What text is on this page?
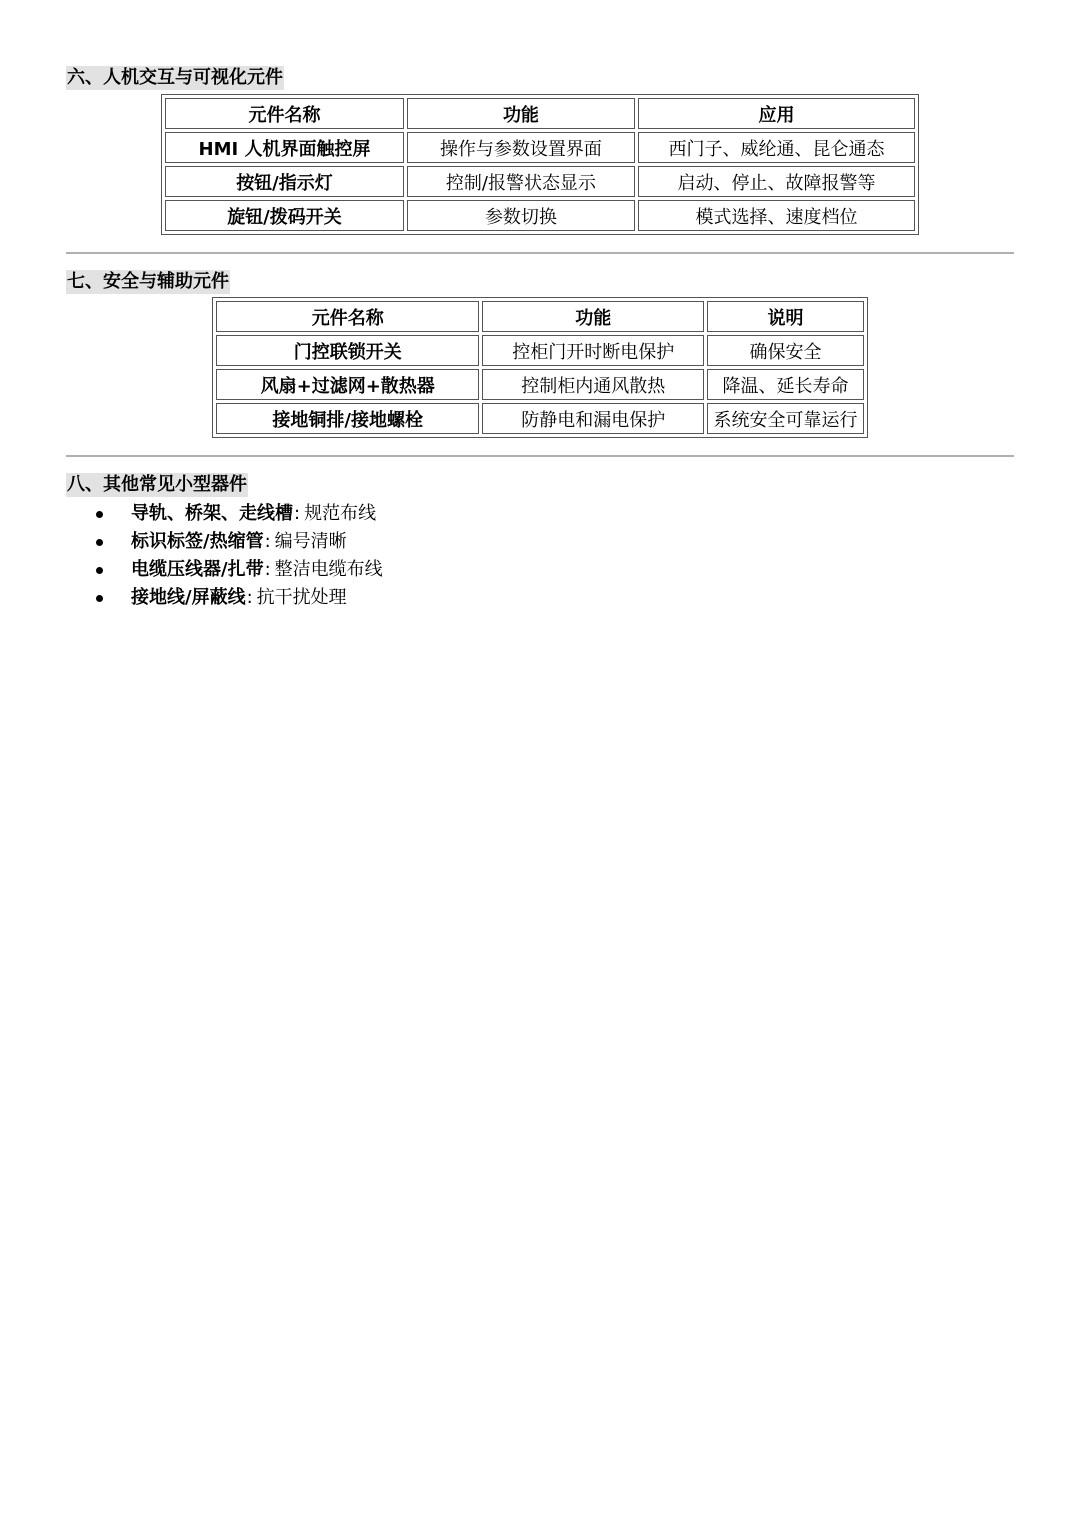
六、人机交互与可视化元件
元件名称	功能	应用
HMI 人机界面触控屏	操作与参数设置界面	西门子、威纶通、昆仑通态
按钮/指示灯	控制/报警状态显示	启动、停止、故障报警等
旋钮/拨码开关	参数切换	模式选择、速度档位
七、安全与辅助元件
元件名称	功能	说明
门控联锁开关	控柜门开时断电保护	确保安全
风扇+过滤网+散热器	控制柜内通风散热	降温、延长寿命
接地铜排/接地螺栓	防静电和漏电保护	系统安全可靠运行
八、其他常见小型器件
导轨、桥架、走线槽: 规范布线
标识标签/热缩管: 编号清晰
电缆压线器/扎带: 整洁电缆布线
接地线/屏蔽线: 抗干扰处理
